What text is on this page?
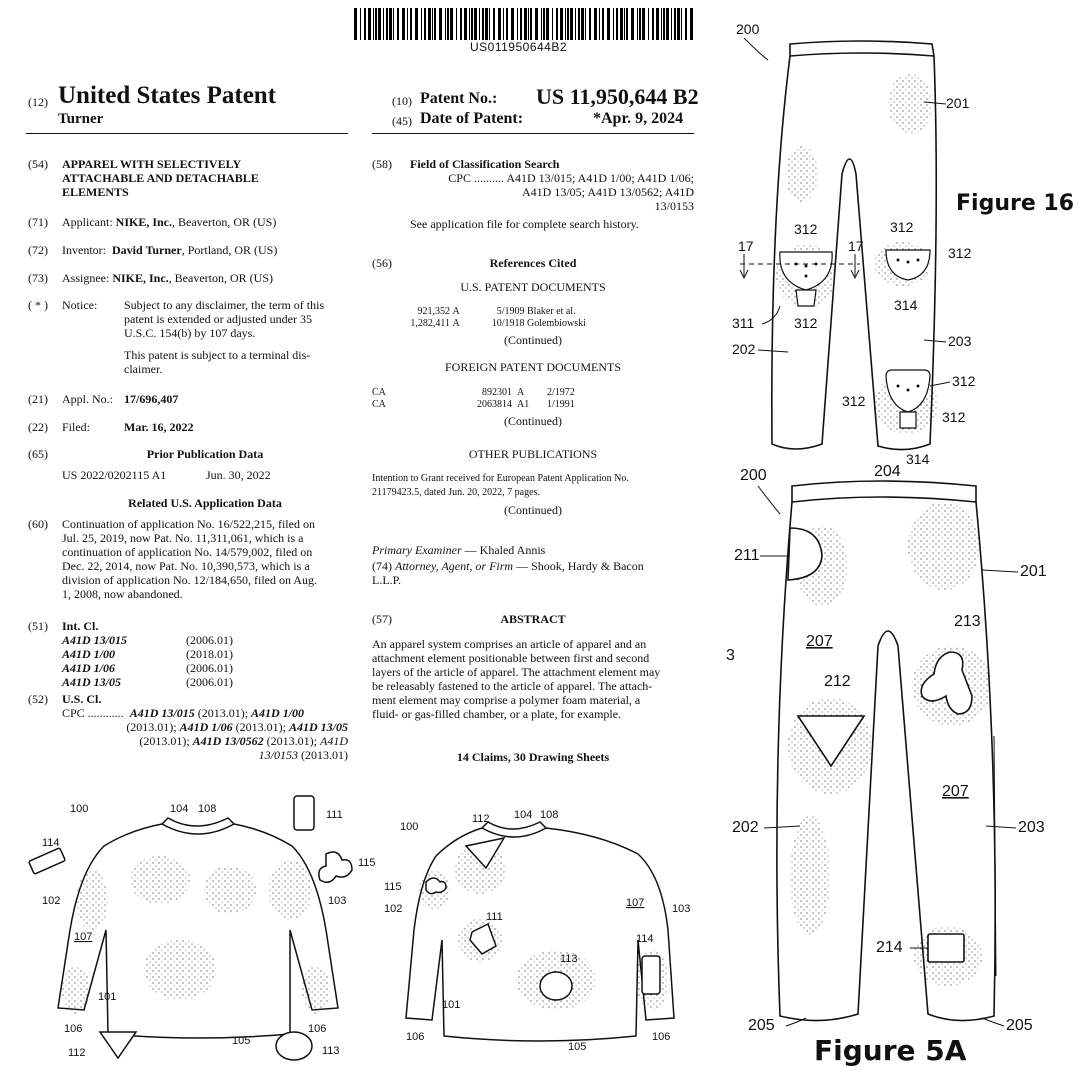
US011950644B2
(12) United States Patent
Turner
(10) Patent No.: US 11,950,644 B2
(45) Date of Patent:	*Apr. 9, 2024
(54) APPAREL WITH SELECTIVELY
ATTACHABLE AND DETACHABLE
ELEMENTS
(71) Applicant: NIKE, Inc., Beaverton, OR (US)
(72) Inventor: David Turner, Portland, OR (US)
(73) Assignee: NIKE, Inc., Beaverton, OR (US)
( * ) Notice: Subject to any disclaimer, the term of this
patent is extended or adjusted under 35
U.S.C. 154(b) by 107 days.
This patent is subject to a terminal dis-
claimer.
(21) Appl. No.: 17/696,407
(22) Filed:	Mar. 16, 2022
(65)	Prior Publication Data
US 2022/0202115 A1	Jun. 30, 2022
Related U.S. Application Data
(60) Continuation of application No. 16/522,215, filed on
Jul. 25, 2019, now Pat. No. 11,311,061, which is a
continuation of application No. 14/579,002, filed on
Dec. 22, 2014, now Pat. No. 10,390,573, which is a
division of application No. 12/184,650, filed on Aug.
1, 2008, now abandoned.
(51) Int. Cl.
A41D 13/015	(2006.01)
A41D 1/00	(2018.01)
A41D 1/06	(2006.01)
A41D 13/05	(2006.01)
(52) U.S. Cl.
CPC ............ A41D 13/015 (2013.01); A41D 1/00
(2013.01); A41D 1/06 (2013.01); A41D 13/05
(2013.01); A41D 13/0562 (2013.01); A41D
13/0153 (2013.01)
(58) Field of Classification Search
CPC .......... A41D 13/015; A41D 1/00; A41D 1/06;
A41D 13/05; A41D 13/0562; A41D
13/0153
See application file for complete search history.
(56)	References Cited
U.S. PATENT DOCUMENTS
921,352 A	5/1909 Blaker et al.
1,282,411 A	10/1918 Golembiowski
(Continued)
FOREIGN PATENT DOCUMENTS
CA	892301 A 2/1972
CA	2063814 A1 1/1991
(Continued)
OTHER PUBLICATIONS
Intention to Grant received for European Patent Application No.
21179423.5, dated Jun. 20, 2022, 7 pages.
(Continued)
Primary Examiner — Khaled Annis
(74) Attorney, Agent, or Firm — Shook, Hardy & Bacon
L.L.P.
(57)	ABSTRACT
An apparel system comprises an article of apparel and an
attachment element positionable between first and second
layers of the article of apparel. The attachment element may
be releasably fastened to the article of apparel. The attach-
ment element may comprise a polymer foam material, a
fluid- or gas-filled chamber, or a plate, for example.
14 Claims, 30 Drawing Sheets
200
201
312	312
312
312
314
311
202	203
312
312
312
314
17	17
Figure 16
200	204
211
201
207
213
212
207
202	203
214
205	205
3
Figure 5A
100	104 108	111
114
115
102	103
107
101
106	106
105
112	113
100
112 104 108
115
102
111
107	103
114
113
101
106	106
105
